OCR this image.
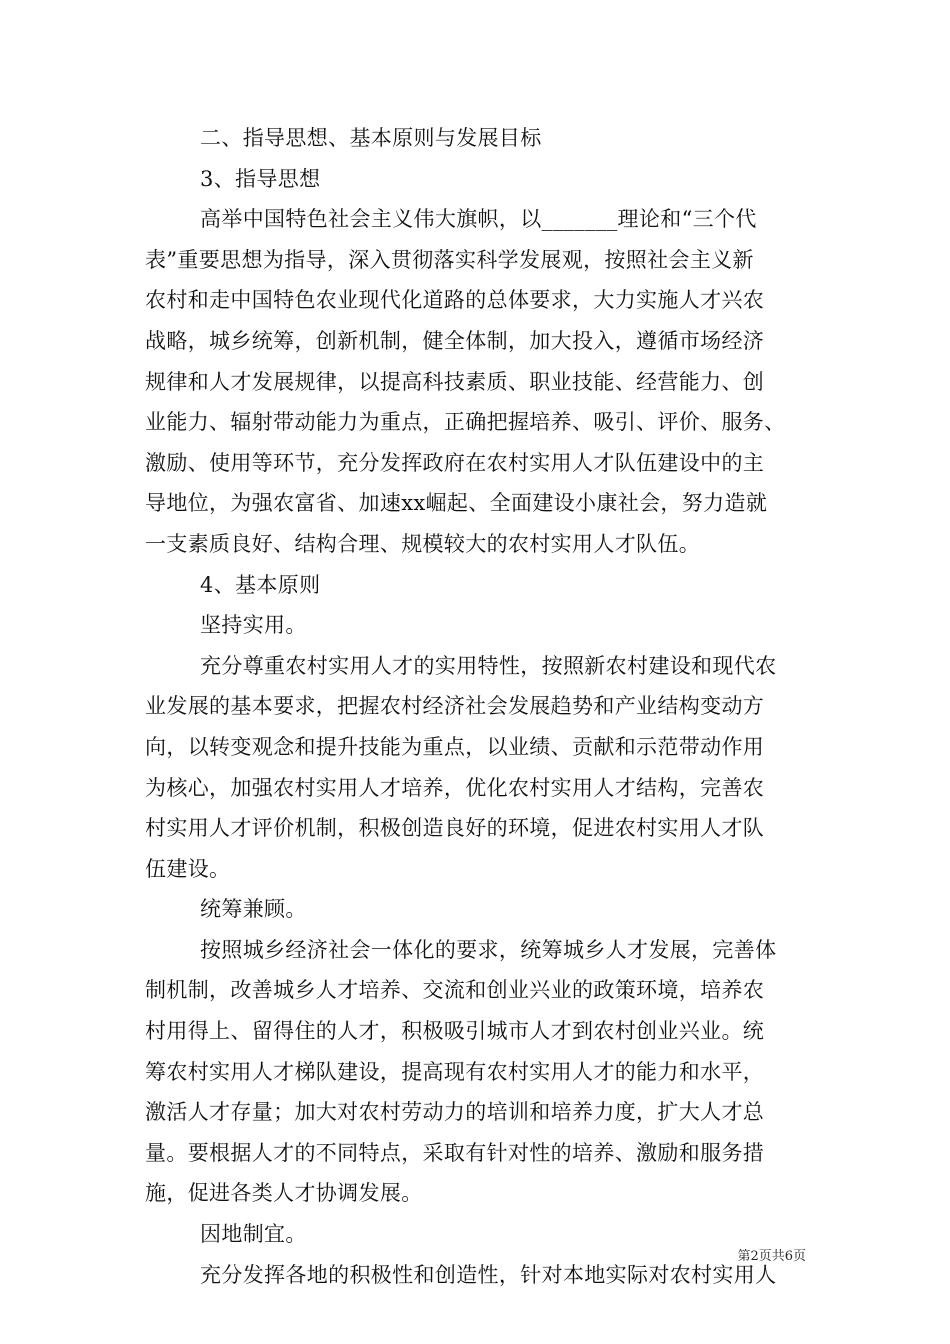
二、指导思想、基本原则与发展目标
3、指导思想
高举中国特色社会主义伟大旗帜，以_______理论和“三个代
表”重要思想为指导，深入贯彻落实科学发展观，按照社会主义新
农村和走中国特色农业现代化道路的总体要求，大力实施人才兴农
战略，城乡统筹，创新机制，健全体制，加大投入，遵循市场经济
规律和人才发展规律，以提高科技素质、职业技能、经营能力、创
业能力、辐射带动能力为重点，正确把握培养、吸引、评价、服务、
激励、使用等环节，充分发挥政府在农村实用人才队伍建设中的主
导地位，为强农富省、加速xx崛起、全面建设小康社会，努力造就
一支素质良好、结构合理、规模较大的农村实用人才队伍。
4、基本原则
坚持实用。
充分尊重农村实用人才的实用特性，按照新农村建设和现代农
业发展的基本要求，把握农村经济社会发展趋势和产业结构变动方
向，以转变观念和提升技能为重点，以业绩、贡献和示范带动作用
为核心，加强农村实用人才培养，优化农村实用人才结构，完善农
村实用人才评价机制，积极创造良好的环境，促进农村实用人才队
伍建设。
统筹兼顾。
按照城乡经济社会一体化的要求，统筹城乡人才发展，完善体
制机制，改善城乡人才培养、交流和创业兴业的政策环境，培养农
村用得上、留得住的人才，积极吸引城市人才到农村创业兴业。统
筹农村实用人才梯队建设，提高现有农村实用人才的能力和水平，
激活人才存量；加大对农村劳动力的培训和培养力度，扩大人才总
量。要根据人才的不同特点，采取有针对性的培养、激励和服务措
施，促进各类人才协调发展。
因地制宜。
充分发挥各地的积极性和创造性，针对本地实际对农村实用人
第2页共6页
